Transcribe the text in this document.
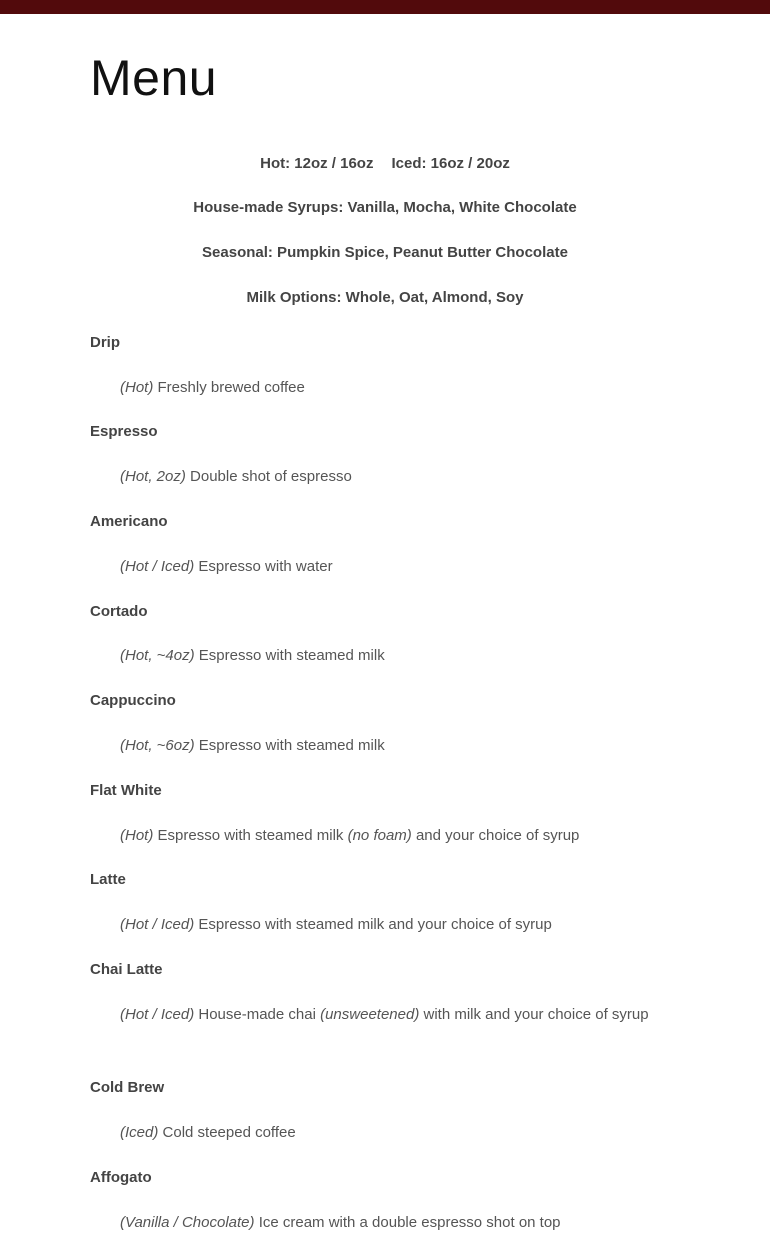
Menu
Hot: 12oz / 16oz Iced: 16oz / 20oz
House-made Syrups: Vanilla, Mocha, White Chocolate
Seasonal: Pumpkin Spice, Peanut Butter Chocolate
Milk Options: Whole, Oat, Almond, Soy
Drip
(Hot) Freshly brewed coffee
Espresso
(Hot, 2oz) Double shot of espresso
Americano
(Hot / Iced) Espresso with water
Cortado
(Hot, ~4oz) Espresso with steamed milk
Cappuccino
(Hot, ~6oz) Espresso with steamed milk
Flat White
(Hot) Espresso with steamed milk (no foam) and your choice of syrup
Latte
(Hot / Iced) Espresso with steamed milk and your choice of syrup
Chai Latte
(Hot / Iced) House-made chai (unsweetened) with milk and your choice of syrup
Cold Brew
(Iced) Cold steeped coffee
Affogato
(Vanilla / Chocolate) Ice cream with a double espresso shot on top
